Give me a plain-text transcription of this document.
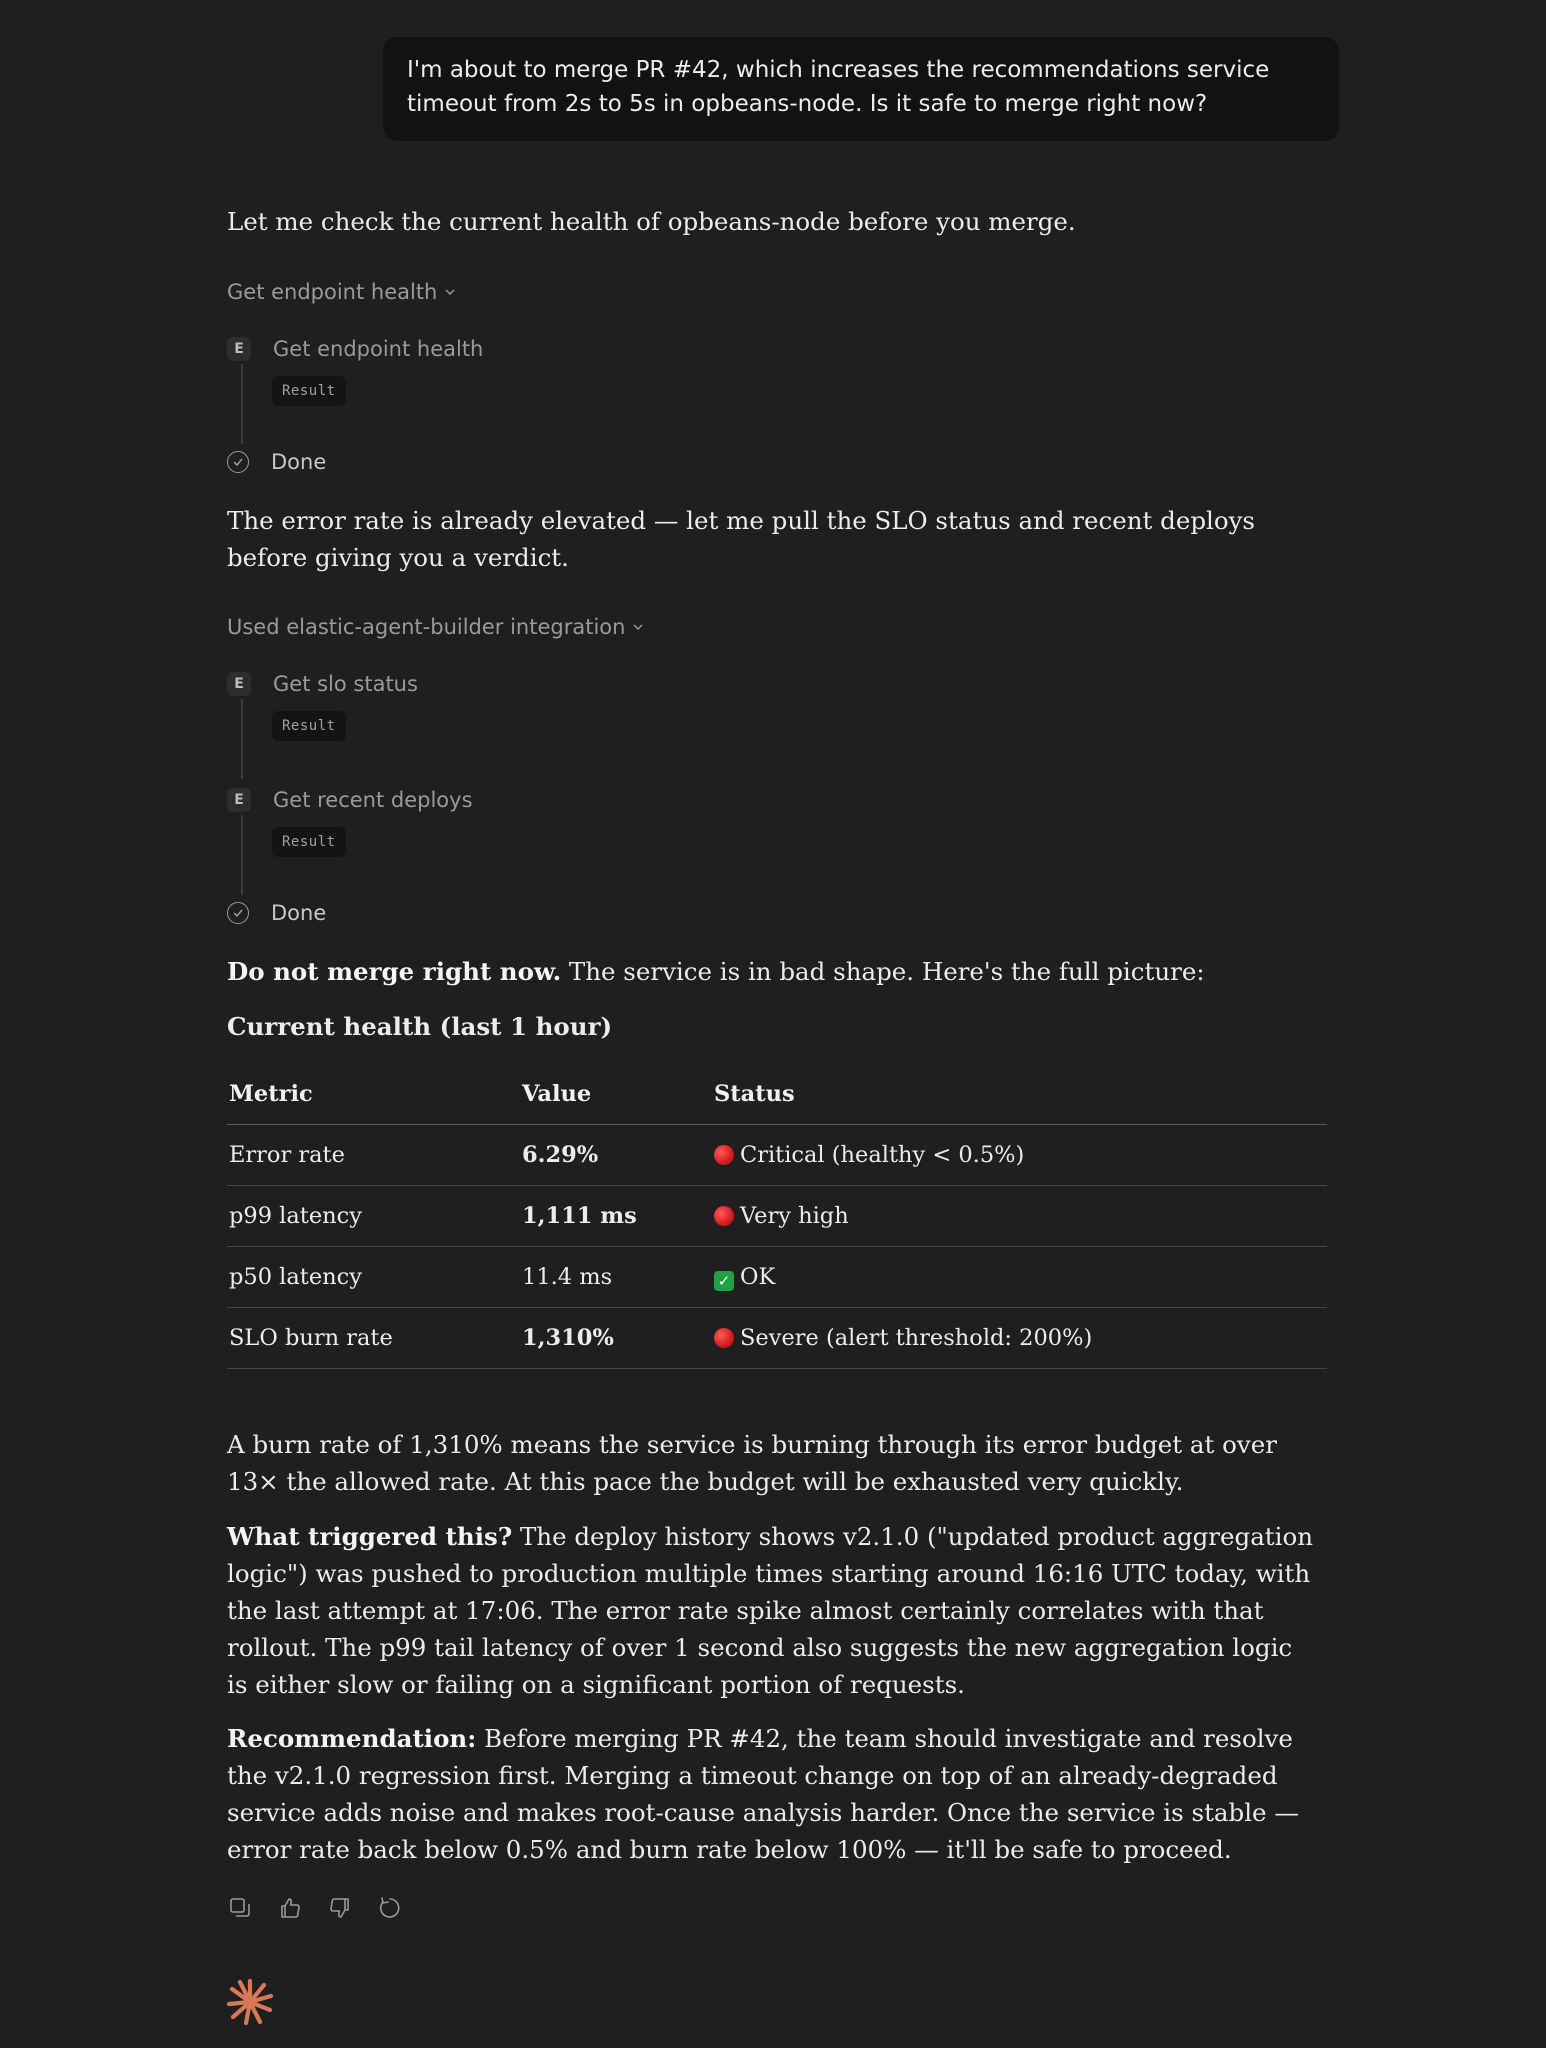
I'm about to merge PR #42, which increases the recommendations service timeout from 2s to 5s in opbeans-node. Is it safe to merge right now?
Let me check the current health of opbeans-node before you merge.
Get endpoint health
E	Get endpoint health
Result
Done
The error rate is already elevated — let me pull the SLO status and recent deploys before giving you a verdict.
Used elastic-agent-builder integration
E	Get slo status
Result
E	Get recent deploys
Result
Done
Do not merge right now. The service is in bad shape. Here's the full picture:
Current health (last 1 hour)
Metric	Value	Status
Error rate	6.29%	Critical (healthy < 0.5%)
p99 latency	1,111 ms	Very high
p50 latency	11.4 ms	✓ OK
SLO burn rate	1,310%	Severe (alert threshold: 200%)
A burn rate of 1,310% means the service is burning through its error budget at over 13× the allowed rate. At this pace the budget will be exhausted very quickly.
What triggered this? The deploy history shows v2.1.0 ("updated product aggregation logic") was pushed to production multiple times starting around 16:16 UTC today, with the last attempt at 17:06. The error rate spike almost certainly correlates with that rollout. The p99 tail latency of over 1 second also suggests the new aggregation logic is either slow or failing on a significant portion of requests.
Recommendation: Before merging PR #42, the team should investigate and resolve the v2.1.0 regression first. Merging a timeout change on top of an already-degraded service adds noise and makes root-cause analysis harder. Once the service is stable — error rate back below 0.5% and burn rate below 100% — it'll be safe to proceed.
